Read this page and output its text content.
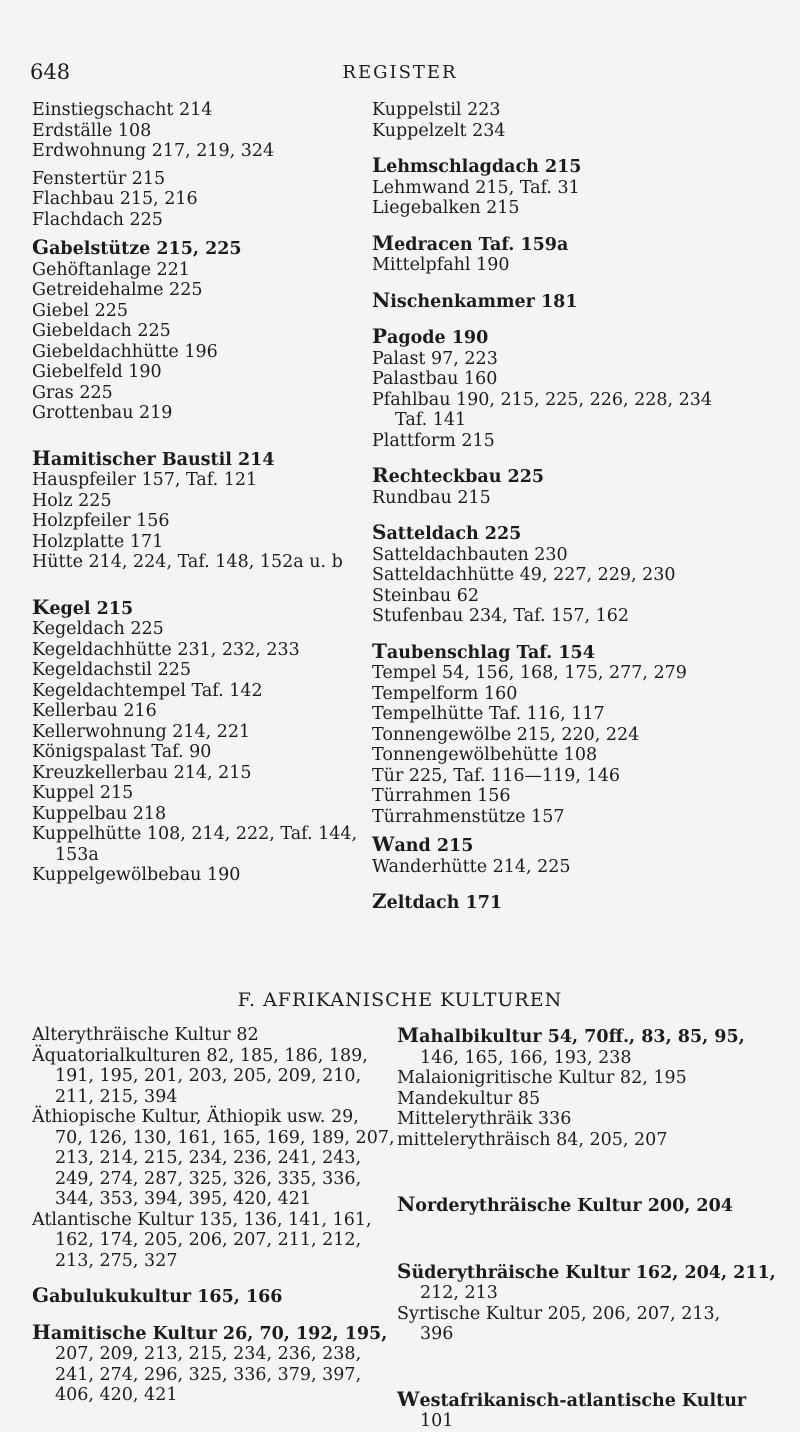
648	REGISTER
Einstiegschacht 214
Erdställe 108
Erdwohnung 217, 219, 324
Fenstertür 215
Flachbau 215, 216
Flachdach 225
Gabelstütze 215, 225
Gehöftanlage 221
Getreidehalme 225
Giebel 225
Giebeldach 225
Giebeldachhütte 196
Giebelfeld 190
Gras 225
Grottenbau 219
Hamitischer Baustil 214
Hauspfeiler 157, Taf. 121
Holz 225
Holzpfeiler 156
Holzplatte 171
Hütte 214, 224, Taf. 148, 152a u. b
Kegel 215
Kegeldach 225
Kegeldachhütte 231, 232, 233
Kegeldachstil 225
Kegeldachtempel Taf. 142
Kellerbau 216
Kellerwohnung 214, 221
Königspalast Taf. 90
Kreuzkellerbau 214, 215
Kuppel 215
Kuppelbau 218
Kuppelhütte 108, 214, 222, Taf. 144,
153a
Kuppelgewölbebau 190
Kuppelstil 223
Kuppelzelt 234
Lehmschlagdach 215
Lehmwand 215, Taf. 31
Liegebalken 215
Medracen Taf. 159a
Mittelpfahl 190
Nischenkammer 181
Pagode 190
Palast 97, 223
Palastbau 160
Pfahlbau 190, 215, 225, 226, 228, 234
Taf. 141
Plattform 215
Rechteckbau 225
Rundbau 215
Satteldach 225
Satteldachbauten 230
Satteldachhütte 49, 227, 229, 230
Steinbau 62
Stufenbau 234, Taf. 157, 162
Taubenschlag Taf. 154
Tempel 54, 156, 168, 175, 277, 279
Tempelform 160
Tempelhütte Taf. 116, 117
Tonnengewölbe 215, 220, 224
Tonnengewölbehütte 108
Tür 225, Taf. 116—119, 146
Türrahmen 156
Türrahmenstütze 157
Wand 215
Wanderhütte 214, 225
Zeltdach 171
F. AFRIKANISCHE KULTUREN
Alterythräische Kultur 82
Äquatorialkulturen 82, 185, 186, 189,
191, 195, 201, 203, 205, 209, 210,
211, 215, 394
Äthiopische Kultur, Äthiopik usw. 29,
70, 126, 130, 161, 165, 169, 189, 207,
213, 214, 215, 234, 236, 241, 243,
249, 274, 287, 325, 326, 335, 336,
344, 353, 394, 395, 420, 421
Atlantische Kultur 135, 136, 141, 161,
162, 174, 205, 206, 207, 211, 212,
213, 275, 327
Gabulukukultur 165, 166
Hamitische Kultur 26, 70, 192, 195,
207, 209, 213, 215, 234, 236, 238,
241, 274, 296, 325, 336, 379, 397,
406, 420, 421
Mahalbikultur 54, 70ff., 83, 85, 95,
146, 165, 166, 193, 238
Malaionigritische Kultur 82, 195
Mandekultur 85
Mittelerythräik 336
mittelerythräisch 84, 205, 207
Norderythräische Kultur 200, 204
Süderythräische Kultur 162, 204, 211,
212, 213
Syrtische Kultur 205, 206, 207, 213,
396
Westafrikanisch-atlantische Kultur
101
